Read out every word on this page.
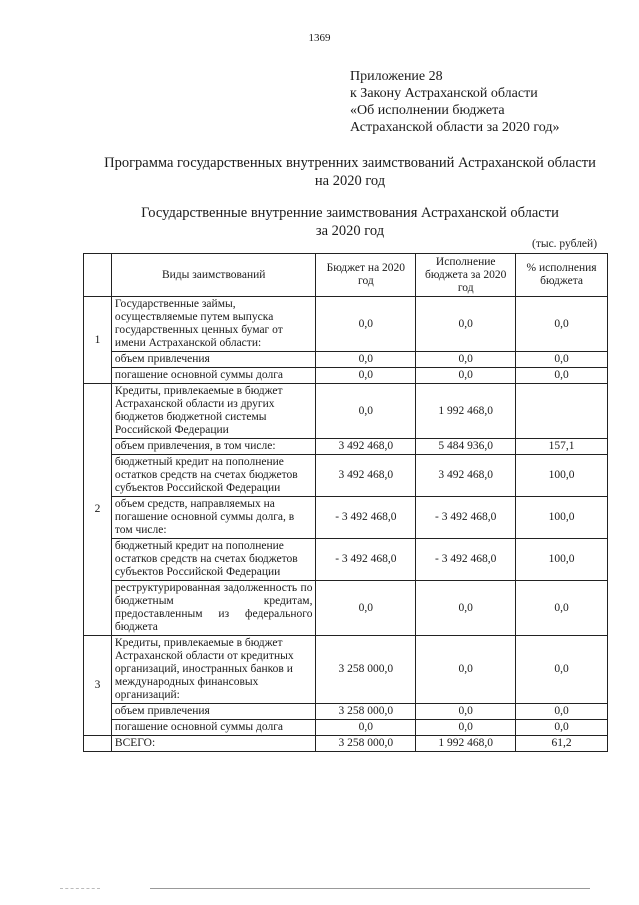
1369
Приложение 28
к Закону Астраханской области
«Об исполнении бюджета
Астраханской области за 2020 год»
Программа государственных внутренних заимствований Астраханской области
на 2020 год
Государственные внутренние заимствования Астраханской области
за 2020 год
(тыс. рублей)
	Виды заимствований	Бюджет на 2020 год	Исполнение бюджета за 2020 год	% исполнения бюджета
1	Государственные займы, осуществляемые путем выпуска государственных ценных бумаг от имени Астраханской области:	0,0	0,0	0,0
	объем привлечения	0,0	0,0	0,0
	погашение основной суммы долга	0,0	0,0	0,0
2	Кредиты, привлекаемые в бюджет Астраханской области из других бюджетов бюджетной системы Российской Федерации	0,0	1 992 468,0	
	объем привлечения, в том числе:	3 492 468,0	5 484 936,0	157,1
	бюджетный кредит на пополнение остатков средств на счетах бюджетов субъектов Российской Федерации	3 492 468,0	3 492 468,0	100,0
	объем средств, направляемых на погашение основной суммы долга, в том числе:	- 3 492 468,0	- 3 492 468,0	100,0
	бюджетный кредит на пополнение остатков средств на счетах бюджетов субъектов Российской Федерации	- 3 492 468,0	- 3 492 468,0	100,0
	реструктурированная задолженность по бюджетным кредитам, предоставленным из федерального бюджета	0,0	0,0	0,0
3	Кредиты, привлекаемые в бюджет Астраханской области от кредитных организаций, иностранных банков и международных финансовых организаций:	3 258 000,0	0,0	0,0
	объем привлечения	3 258 000,0	0,0	0,0
	погашение основной суммы долга	0,0	0,0	0,0
	ВСЕГО:	3 258 000,0	1 992 468,0	61,2
